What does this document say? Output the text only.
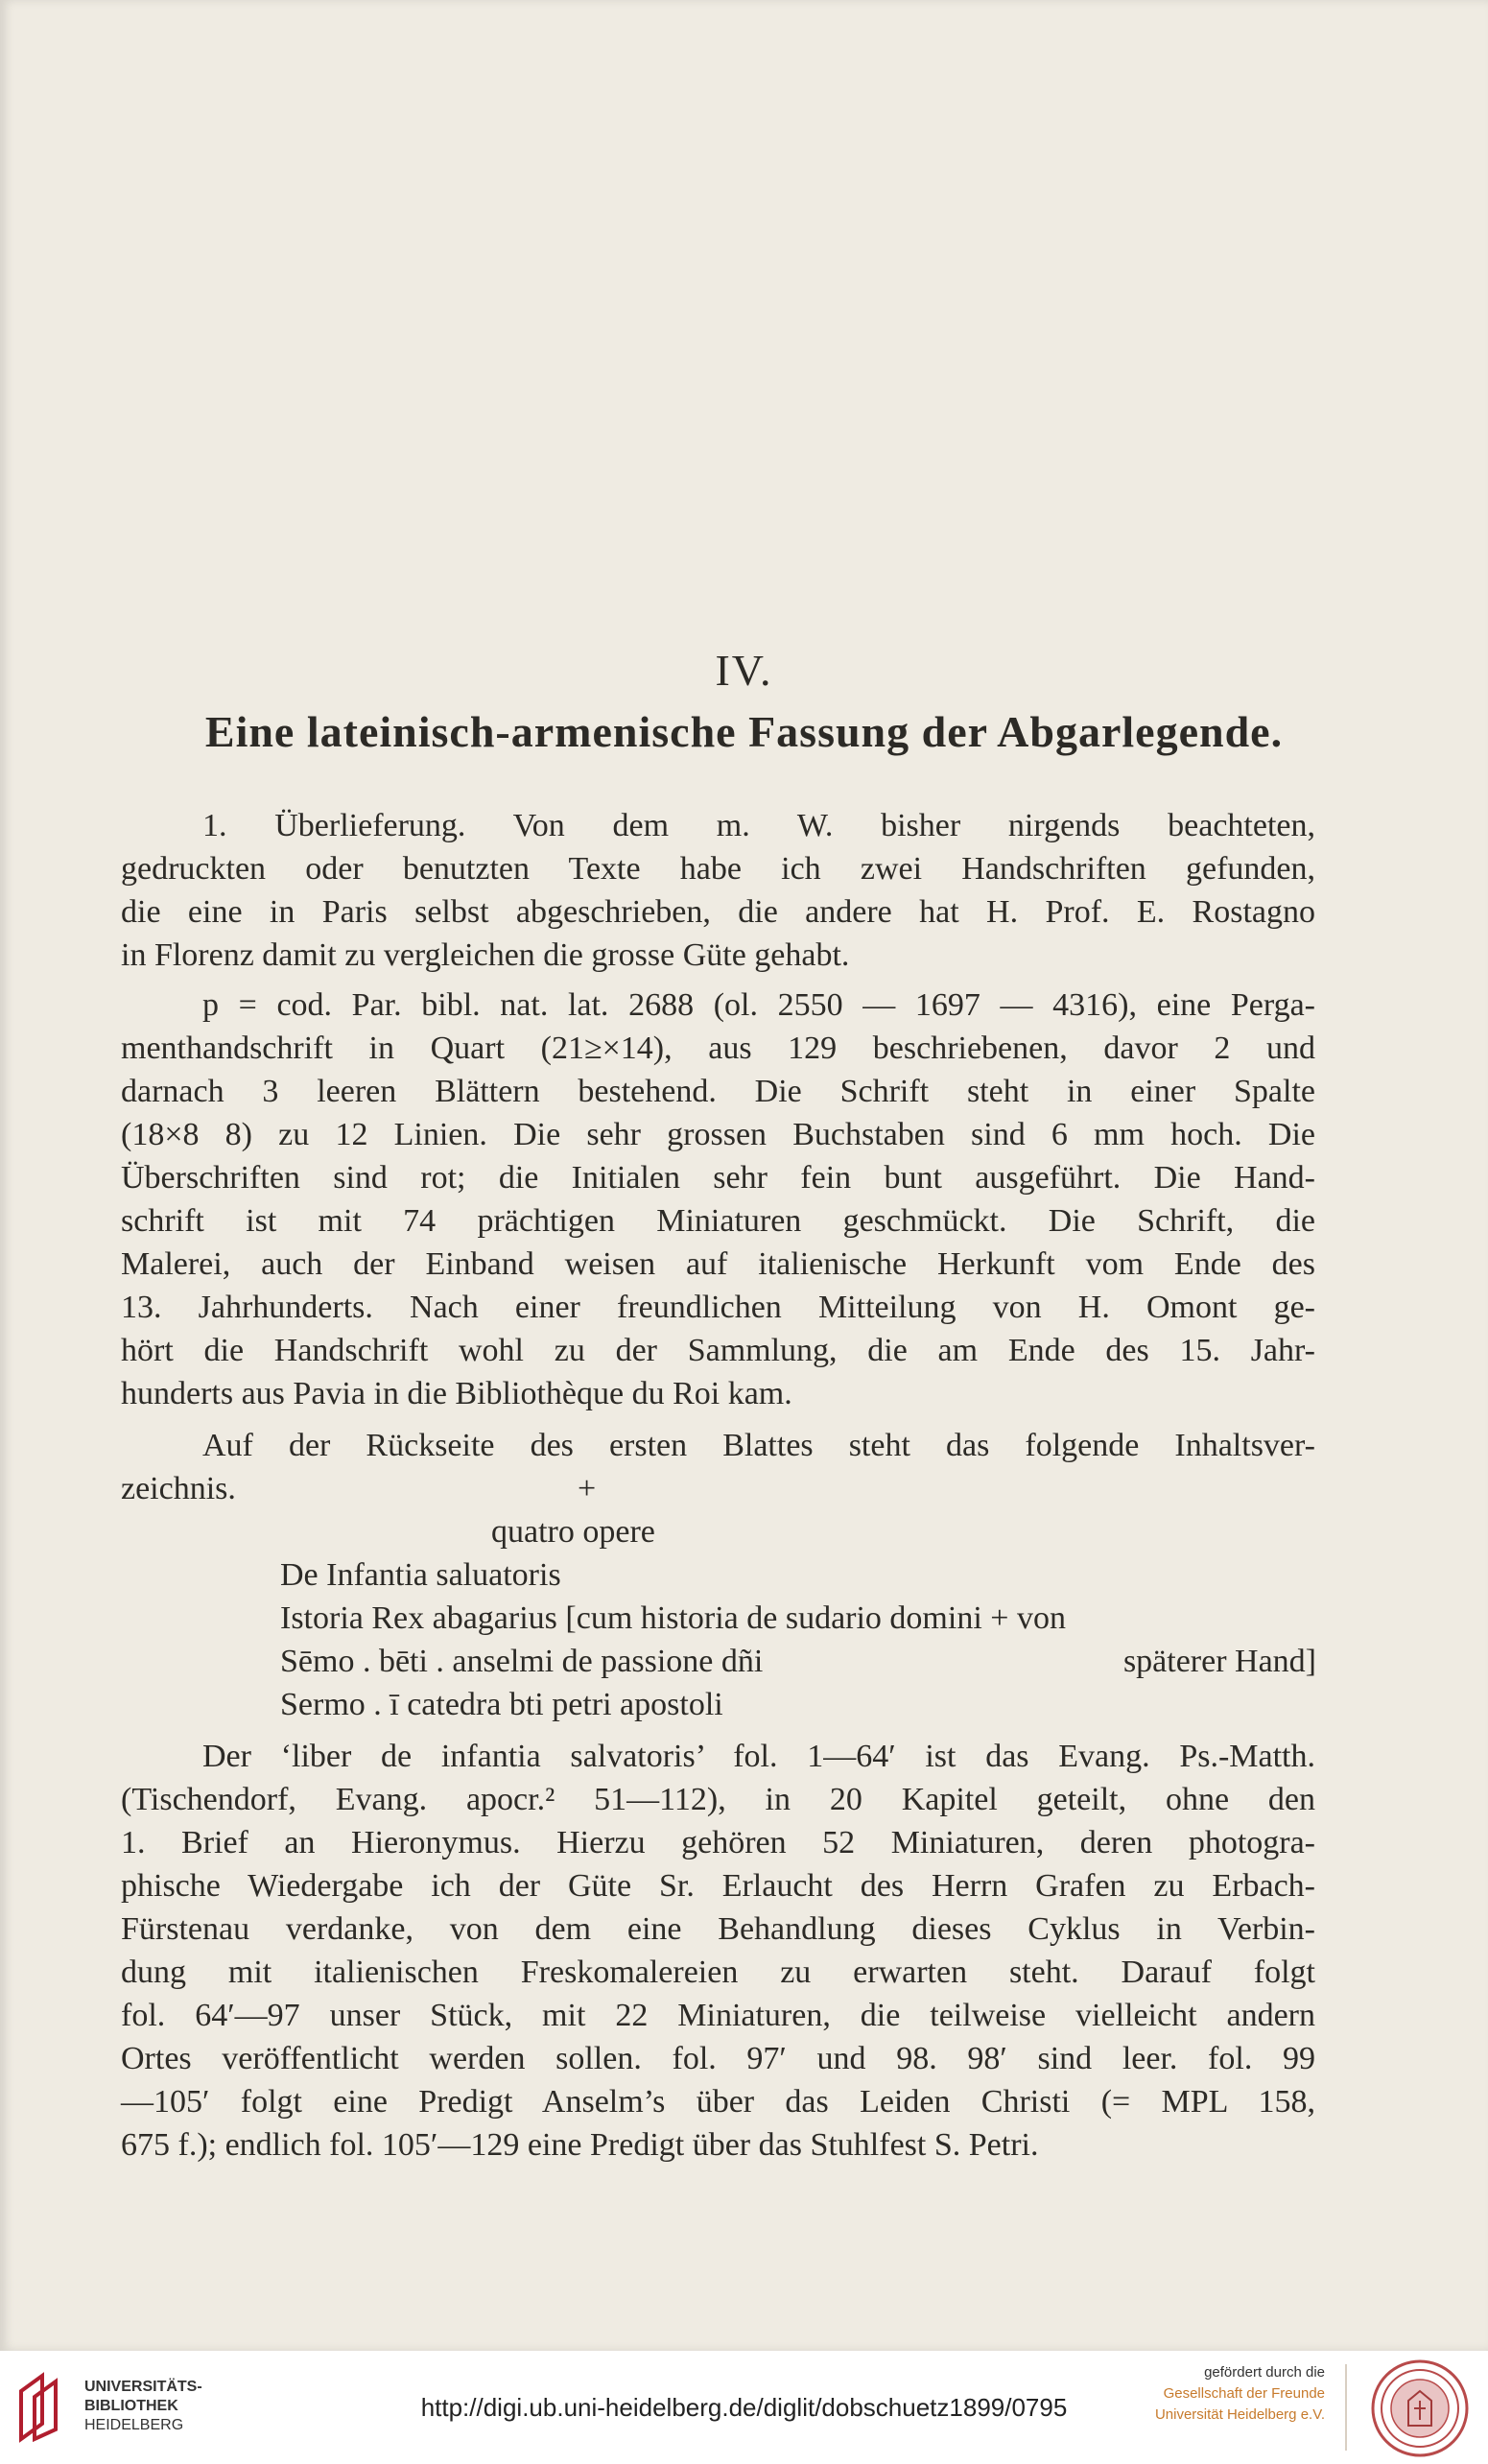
IV.
Eine lateinisch-armenische Fassung der Abgarlegende.
1. Überlieferung. Von dem m. W. bisher nirgends beachteten,
gedruckten oder benutzten Texte habe ich zwei Handschriften gefunden,
die eine in Paris selbst abgeschrieben, die andere hat H. Prof. E. Rostagno
in Florenz damit zu vergleichen die grosse Güte gehabt.
p = cod. Par. bibl. nat. lat. 2688 (ol. 2550 — 1697 — 4316), eine Perga-
menthandschrift in Quart (21≥×14), aus 129 beschriebenen, davor 2 und
darnach 3 leeren Blättern bestehend. Die Schrift steht in einer Spalte
(18×8 8) zu 12 Linien. Die sehr grossen Buchstaben sind 6 mm hoch. Die
Überschriften sind rot; die Initialen sehr fein bunt ausgeführt. Die Hand-
schrift ist mit 74 prächtigen Miniaturen geschmückt. Die Schrift, die
Malerei, auch der Einband weisen auf italienische Herkunft vom Ende des
13. Jahrhunderts. Nach einer freundlichen Mitteilung von H. Omont ge-
hört die Handschrift wohl zu der Sammlung, die am Ende des 15. Jahr-
hunderts aus Pavia in die Bibliothèque du Roi kam.
Auf der Rückseite des ersten Blattes steht das folgende Inhaltsver-
zeichnis.	+
quatro opere
De Infantia saluatoris
Istoria Rex abagarius [cum historia de sudario domini + von
Sēmo . bēti . anselmi de passione dñi	späterer Hand]
Sermo . ī catedra bti petri apostoli
Der ‘liber de infantia salvatoris’ fol. 1—64′ ist das Evang. Ps.-Matth.
(Tischendorf, Evang. apocr.² 51—112), in 20 Kapitel geteilt, ohne den
1. Brief an Hieronymus. Hierzu gehören 52 Miniaturen, deren photogra-
phische Wiedergabe ich der Güte Sr. Erlaucht des Herrn Grafen zu Erbach-
Fürstenau verdanke, von dem eine Behandlung dieses Cyklus in Verbin-
dung mit italienischen Freskomalereien zu erwarten steht. Darauf folgt
fol. 64′—97 unser Stück, mit 22 Miniaturen, die teilweise vielleicht andern
Ortes veröffentlicht werden sollen. fol. 97′ und 98. 98′ sind leer. fol. 99
—105′ folgt eine Predigt Anselm’s über das Leiden Christi (= MPL 158,
675 f.); endlich fol. 105′—129 eine Predigt über das Stuhlfest S. Petri.
UNIVERSITÄTS-
BIBLIOTHEK
HEIDELBERG
http://digi.ub.uni-heidelberg.de/diglit/dobschuetz1899/0795
gefördert durch die
Gesellschaft der Freunde
Universität Heidelberg e.V.
